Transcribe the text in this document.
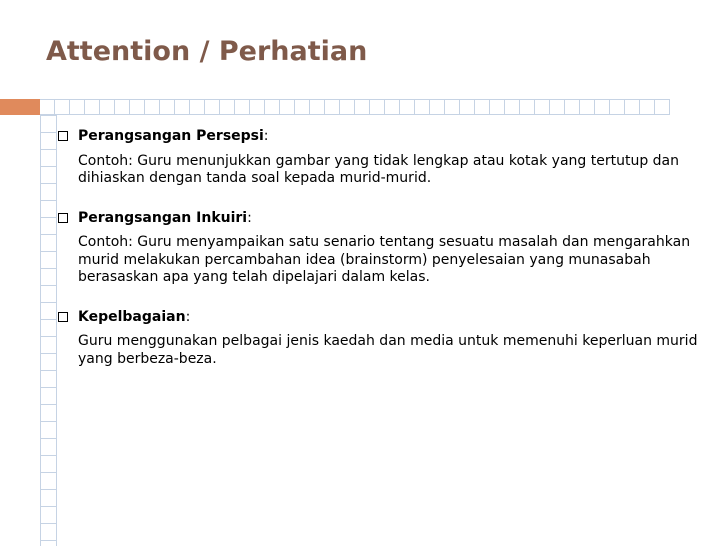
Attention / Perhatian

Perangsangan Persepsi:

Contoh: Guru menunjukkan gambar yang tidak lengkap atau kotak yang tertutup dan dihiaskan dengan tanda soal kepada murid-murid.

Perangsangan Inkuiri:

Contoh: Guru menyampaikan satu senario tentang sesuatu masalah dan mengarahkan murid melakukan percambahan idea (brainstorm) penyelesaian yang munasabah berasaskan apa yang telah dipelajari dalam kelas.

Kepelbagaian:

Guru menggunakan pelbagai jenis kaedah dan media untuk memenuhi keperluan murid yang berbeza-beza.
